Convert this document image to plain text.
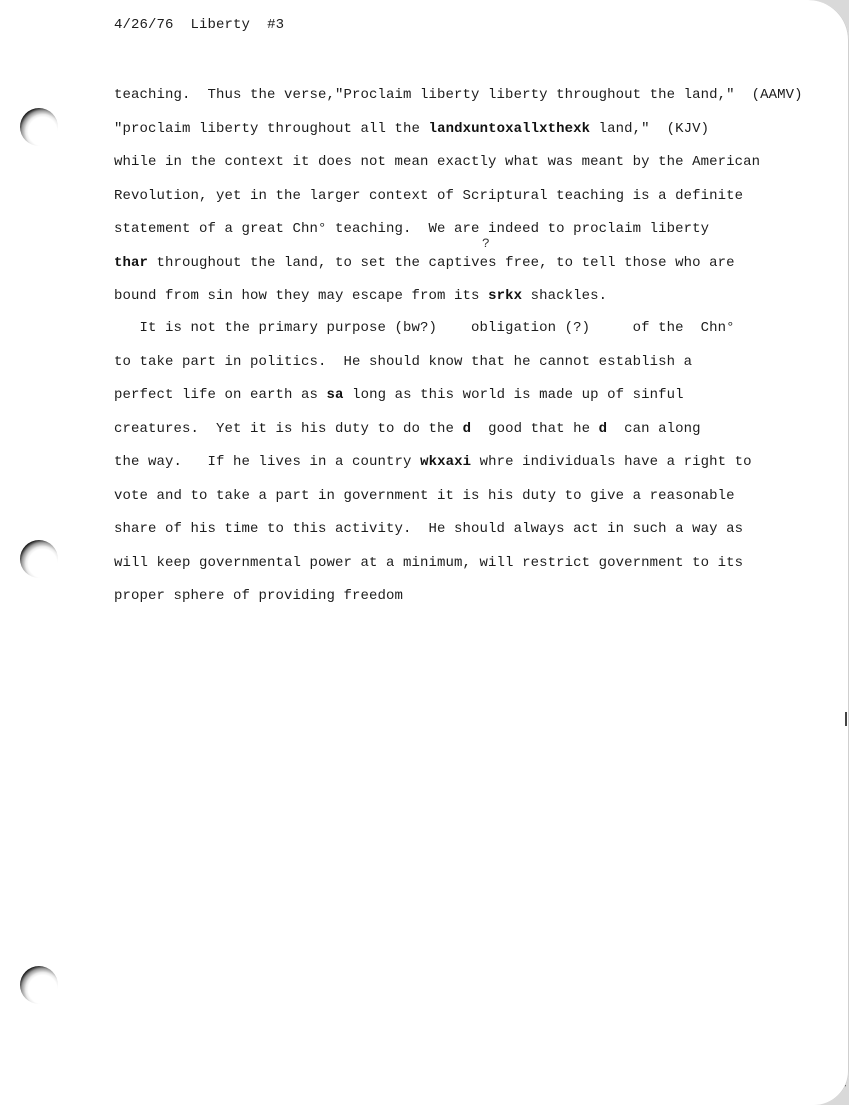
4/26/76 Liberty #3
teaching.  Thus the verse,"Proclaim liberty liberty throughout the land,"  (AAMV)
"proclaim liberty throughout all the landxuntoxallxthexk land,"  (KJV)
while in the context it does not mean exactly what was meant by the American
Revolution, yet in the larger context of Scriptural teaching is a definite
statement of a great Chn° teaching.  We are indeed to proclaim liberty
thar throughout the land, to set the captives free, to tell those who are
bound from sin how they may escape from its srkx shackles.
?
It is not the primary purpose (bw?)    obligation (?)     of the  Chn°
to take part in politics.  He should know that he cannot establish a
perfect life on earth as sa long as this world is made up of sinful
creatures.  Yet it is his duty to do the d  good that he d  can along
the way.   If he lives in a country wkxaxi whre individuals have a right to
vote and to take a part in government it is his duty to give a reasonable
share of his time to this activity.  He should always act in such a way as
will keep governmental power at a minimum, will restrict government to its
proper sphere of providing freedom
